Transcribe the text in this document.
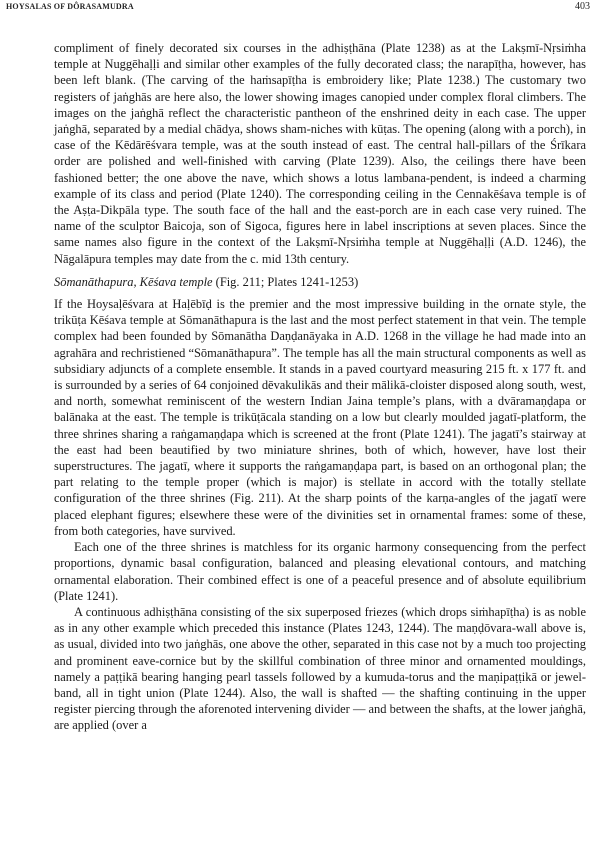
HOYSALAS OF DÔRASAMUDRA	403

compliment of finely decorated six courses in the adhiṣṭhāna (Plate 1238) as at the Lakṣmī-Nṛsiṁha temple at Nuggēhaḷḷi and similar other examples of the fully decorated class; the narapīṭha, however, has been left blank. (The carving of the haṁsapīṭha is embroidery like; Plate 1238.) The customary two registers of jaṅghās are here also, the lower showing images canopied under complex floral climbers. The images on the jaṅghā reflect the characteristic pantheon of the enshrined deity in each case. The upper jaṅghā, separated by a medial chādya, shows sham-niches with kūṭas. The opening (along with a porch), in case of the Kēdārēśvara temple, was at the south instead of east. The central hall-pillars of the Śrīkara order are polished and well-finished with carving (Plate 1239). Also, the ceilings there have been fashioned better; the one above the nave, which shows a lotus lambana-pendent, is indeed a charming example of its class and period (Plate 1240). The corresponding ceiling in the Cennakēśava temple is of the Aṣṭa-Dikpāla type. The south face of the hall and the east-porch are in each case very ruined. The name of the sculptor Baicoja, son of Sigoca, figures here in label inscriptions at seven places. Since the same names also figure in the context of the Lakṣmī-Nṛsiṁha temple at Nuggēhaḷḷi (A.D. 1246), the Nāgalāpura temples may date from the c. mid 13th century.

Sōmanāthapura, Kēśava temple (Fig. 211; Plates 1241-1253)

If the Hoysaḷēśvara at Haḷēbīḍ is the premier and the most impressive building in the ornate style, the trikūṭa Kēśava temple at Sōmanāthapura is the last and the most perfect statement in that vein. The temple complex had been founded by Sōmanātha Daṇḍanāyaka in A.D. 1268 in the village he had made into an agrahāra and rechristiened “Sōmanāthapura”. The temple has all the main structural components as well as subsidiary adjuncts of a complete ensemble. It stands in a paved courtyard measuring 215 ft. x 177 ft. and is surrounded by a series of 64 conjoined dēvakulikās and their mālikā-cloister disposed along south, west, and north, somewhat reminiscent of the western Indian Jaina temple’s plans, with a dvāramaṇḍapa or balānaka at the east. The temple is trikūṭācala standing on a low but clearly moulded jagatī-platform, the three shrines sharing a raṅgamaṇḍapa which is screened at the front (Plate 1241). The jagatī’s stairway at the east had been beautified by two miniature shrines, both of which, however, have lost their superstructures. The jagatī, where it supports the raṅgamaṇḍapa part, is based on an orthogonal plan; the part relating to the temple proper (which is major) is stellate in accord with the totally stellate configuration of the three shrines (Fig. 211). At the sharp points of the karṇa-angles of the jagatī were placed elephant figures; elsewhere these were of the divinities set in ornamental frames: some of these, from both categories, have survived.

Each one of the three shrines is matchless for its organic harmony consequencing from the perfect proportions, dynamic basal configuration, balanced and pleasing elevational contours, and matching ornamental elaboration. Their combined effect is one of a peaceful presence and of absolute equilibrium (Plate 1241).

A continuous adhiṣṭhāna consisting of the six superposed friezes (which drops siṁhapīṭha) is as noble as in any other example which preceded this instance (Plates 1243, 1244). The maṇḍōvara-wall above is, as usual, divided into two jaṅghās, one above the other, separated in this case not by a much too projecting and prominent eave-cornice but by the skillful combination of three minor and ornamented mouldings, namely a paṭṭikā bearing hanging pearl tassels followed by a kumuda-torus and the maṇipaṭṭikā or jewel-band, all in tight union (Plate 1244). Also, the wall is shafted — the shafting continuing in the upper register piercing through the aforenoted intervening divider — and between the shafts, at the lower jaṅghā, are applied (over a
